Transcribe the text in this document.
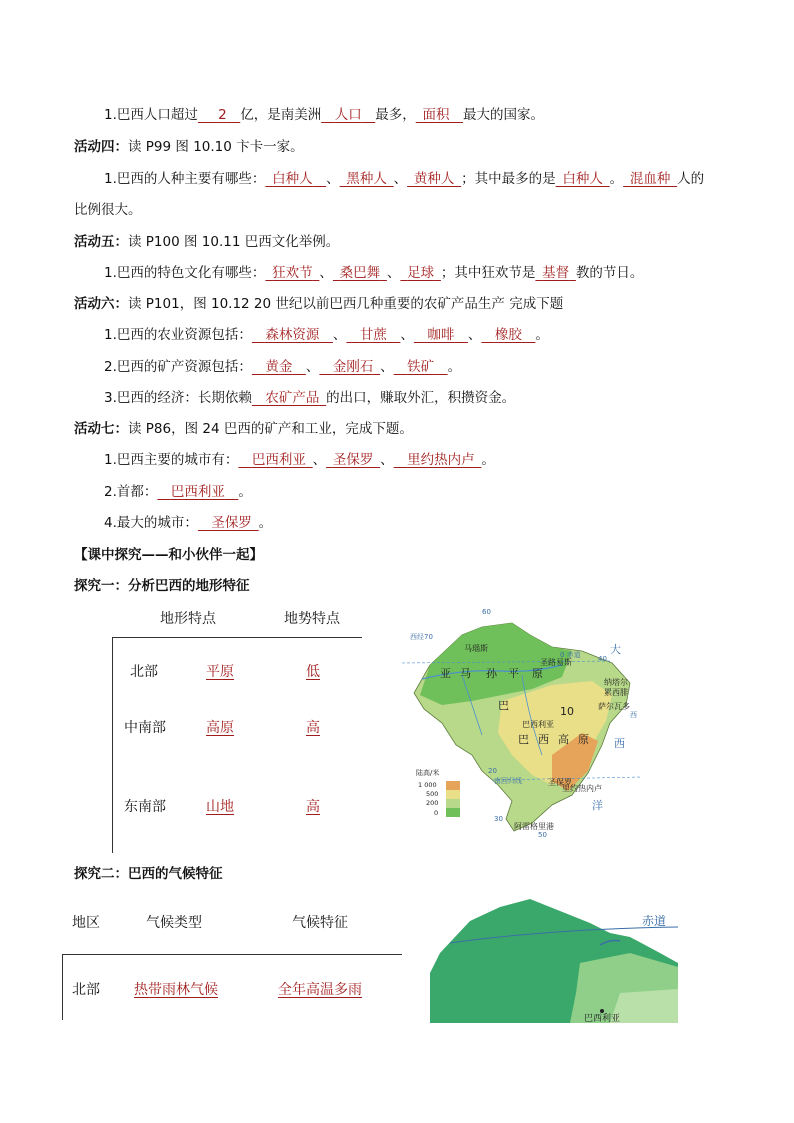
1.巴西人口超过   2  亿，是南美洲   人口   最多，  面积   最大的国家。
活动四：读 P99 图 10.10 卞卡一家。
1.巴西的人种主要有哪些：  白种人   、  黑种人  、  黄种人  ；其中最多的是  白种人  。  混血种  人的
比例很大。
活动五：读 P100 图 10.11 巴西文化举例。
1.巴西的特色文化有哪些：  狂欢节  、  桑巴舞  、  足球  ；其中狂欢节是  基督  教的节日。
活动六：读 P101，图 10.12 20 世纪以前巴西几种重要的农矿产品生产 完成下题
1.巴西的农业资源包括：   森林资源   、   甘蔗   、   咖啡   、   橡胶   。
2.巴西的矿产资源包括：   黄金   、   金刚石  、   铁矿   。
3.巴西的经济：长期依赖   农矿产品  的出口，赚取外汇，积攒资金。
活动七：读 P86，图 24 巴西的矿产和工业，完成下题。
1.巴西主要的城市有：   巴西利亚  、  圣保罗  、   里约热内卢  。
2.首都：   巴西利亚   。
4.最大的城市：   圣保罗  。
【课中探究——和小伙伴一起】
探究一：分析巴西的地形特征
地形特点	地势特点
北部	平原	低
中南部	高原	高
东南部	山地	高
60
西经70
0 赤道 40
西
20
南回归线
30
50
马瑙斯
圣路易斯
纳塔尔
累西腓
萨尔瓦多
巴西利亚
圣保罗
里约热内卢
阿雷格里港
亚 马 孙 平 原
巴	10
巴 西 高 原
大
西
洋
陆高/米
1 000
500
200
0
探究二：巴西的气候特征
地区	气候类型	气候特征
北部 热带雨林气候	全年高温多雨
赤道
巴西利亚
